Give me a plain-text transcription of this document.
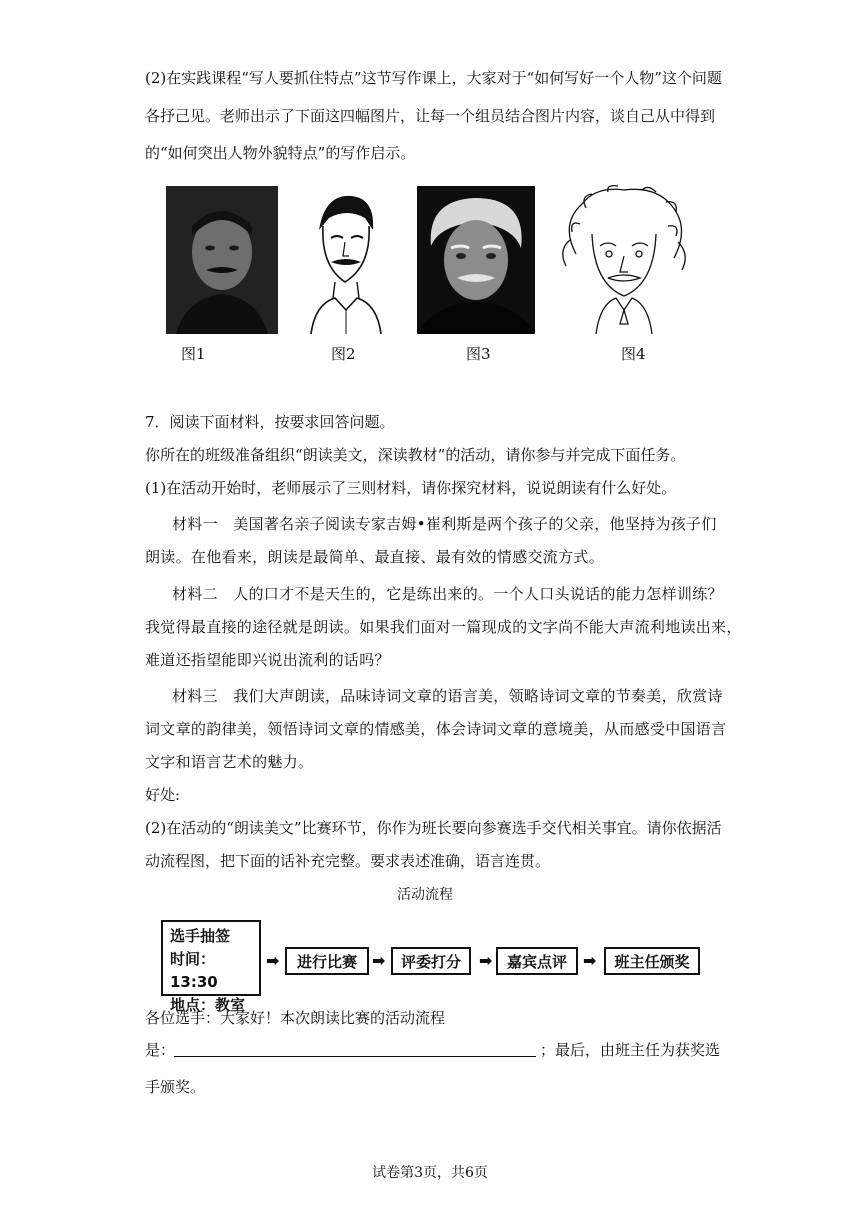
(2)在实践课程“写人要抓住特点”这节写作课上，大家对于“如何写好一个人物”这个问题
各抒己见。老师出示了下面这四幅图片，让每一个组员结合图片内容，谈自己从中得到
的“如何突出人物外貌特点”的写作启示。
图1	图2	图3	图4
7．阅读下面材料，按要求回答问题。
你所在的班级准备组织“朗读美文，深读教材”的活动，请你参与并完成下面任务。
(1)在活动开始时，老师展示了三则材料，请你探究材料，说说朗读有什么好处。
材料一　美国著名亲子阅读专家吉姆•崔利斯是两个孩子的父亲，他坚持为孩子们
朗读。在他看来，朗读是最简单、最直接、最有效的情感交流方式。
材料二　人的口才不是天生的，它是练出来的。一个人口头说话的能力怎样训练？
我觉得最直接的途径就是朗读。如果我们面对一篇现成的文字尚不能大声流利地读出来，
难道还指望能即兴说出流利的话吗？
材料三　我们大声朗读，品味诗词文章的语言美，领略诗词文章的节奏美，欣赏诗
词文章的韵律美，领悟诗词文章的情感美，体会诗词文章的意境美，从而感受中国语言
文字和语言艺术的魅力。
好处:
(2)在活动的“朗读美文”比赛环节，你作为班长要向参赛选手交代相关事宜。请你依据活
动流程图，把下面的话补充完整。要求表述准确，语言连贯。
活动流程
选手抽签
时间：13:30
地点：教室
➡	进行比赛 ➡	评委打分	➡ 嘉宾点评	➡	班主任颁奖
各位选手：大家好！本次朗读比赛的活动流程
是：	；最后，由班主任为获奖选
手颁奖。
试卷第3页，共6页
